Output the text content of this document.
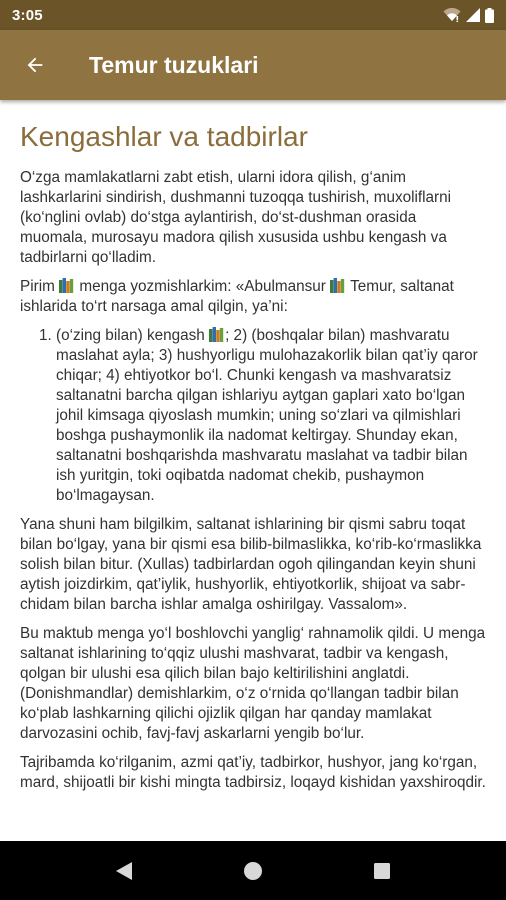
3:05
Temur tuzuklari
Kengashlar va tadbirlar

O‘zga mamlakatlarni zabt etish, ularni idora qilish, g‘anim lashkarlarini sindirish, dushmanni tuzoqqa tushirish, muxoliflarni (ko‘nglini ovlab) do‘stga aylantirish, do‘st-dushman orasida muomala, murosayu madora qilish xususida ushbu kengash va tadbirlarni qo‘lladim.

Pirim  menga yozmishlarkim: «Abulmansur  Temur, saltanat ishlarida to‘rt narsaga amal qilgin, ya’ni:

1. (o‘zing bilan) kengash ; 2) (boshqalar bilan) mashvaratu maslahat ayla; 3) hushyorligu mulohazakorlik bilan qat’iy qaror chiqar; 4) ehtiyotkor bo‘l. Chunki kengash va mashvaratsiz saltanatni barcha qilgan ishlariyu aytgan gaplari xato bo‘lgan johil kimsaga qiyoslash mumkin; uning so‘zlari va qilmishlari boshga pushaymonlik ila nadomat keltirgay. Shunday ekan, saltanatni boshqarishda mashvaratu maslahat va tadbir bilan ish yuritgin, toki oqibatda nadomat chekib, pushaymon bo‘lmagaysan.

Yana shuni ham bilgilkim, saltanat ishlarining bir qismi sabru toqat bilan bo‘lgay, yana bir qismi esa bilib-bilmaslikka, ko‘rib-ko‘rmaslikka solish bilan bitur. (Xullas) tadbirlardan ogoh qilingandan keyin shuni aytish joizdirkim, qat’iylik, hushyorlik, ehtiyotkorlik, shijoat va sabr-chidam bilan barcha ishlar amalga oshirilgay. Vassalom».

Bu maktub menga yo‘l boshlovchi yanglig‘ rahnamolik qildi. U menga saltanat ishlarining to‘qqiz ulushi mashvarat, tadbir va kengash, qolgan bir ulushi esa qilich bilan bajo keltirilishini anglatdi. (Donishmandlar) demishlarkim, o‘z o‘rnida qo‘llangan tadbir bilan ko‘plab lashkarning qilichi ojizlik qilgan har qanday mamlakat darvozasini ochib, favj-favj askarlarni yengib bo‘lur.

Tajribamda ko‘rilganim, azmi qat’iy, tadbirkor, hushyor, jang ko‘rgan, mard, shijoatli bir kishi mingta tadbirsiz, loqayd kishidan yaxshiroqdir.
